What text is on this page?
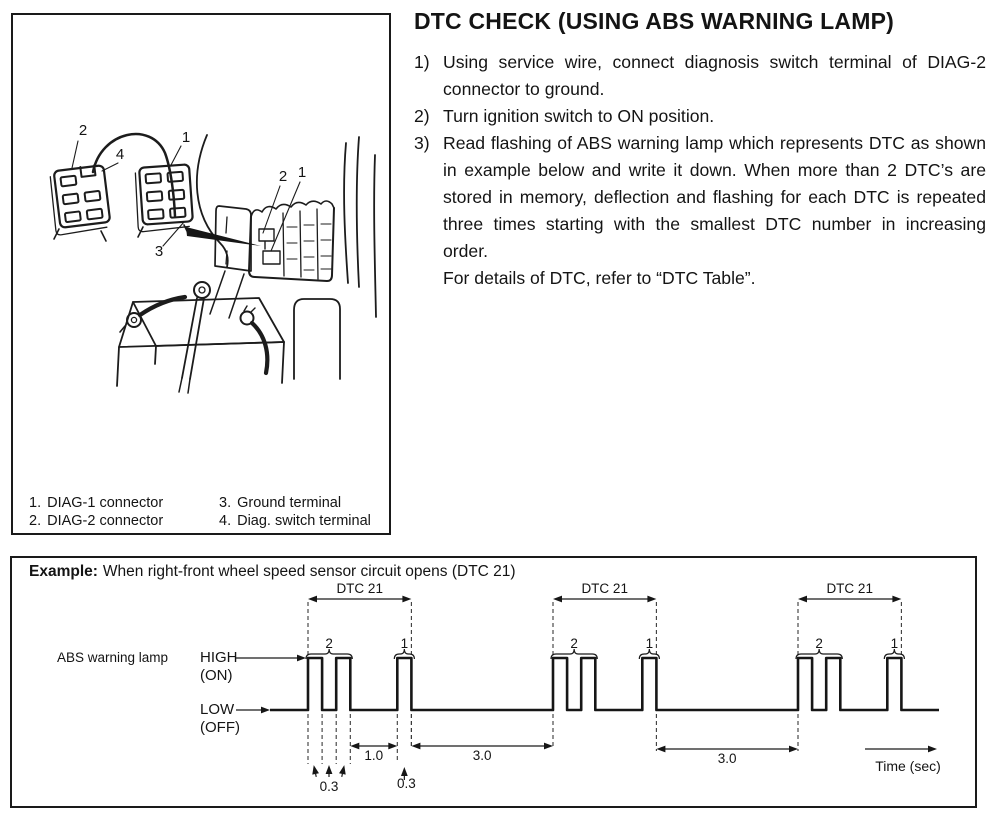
2
4
1
3
2 1
1. DIAG-1 connector
2. DIAG-2 connector
3. Ground terminal
4. Diag. switch terminal
DTC CHECK (USING ABS WARNING LAMP)
1) Using service wire, connect diagnosis switch terminal of DIAG-2 connector to ground.
2) Turn ignition switch to ON position.
3) Read flashing of ABS warning lamp which represents DTC as shown in example below and write it down. When more than 2 DTC’s are stored in memory, deflection and flashing for each DTC is repeated three times starting with the smallest DTC number in increasing order.

For details of DTC, refer to “DTC Table”.

ABS warning lamp HIGH
(ON)
LOW
(OFF)
DTC 21
2	1
DTC 21
2	1
DTC 21
2	1
1.0
0.3	0.3
3.0	3.0	Time (sec)
Example: When right-front wheel speed sensor circuit opens (DTC 21)
